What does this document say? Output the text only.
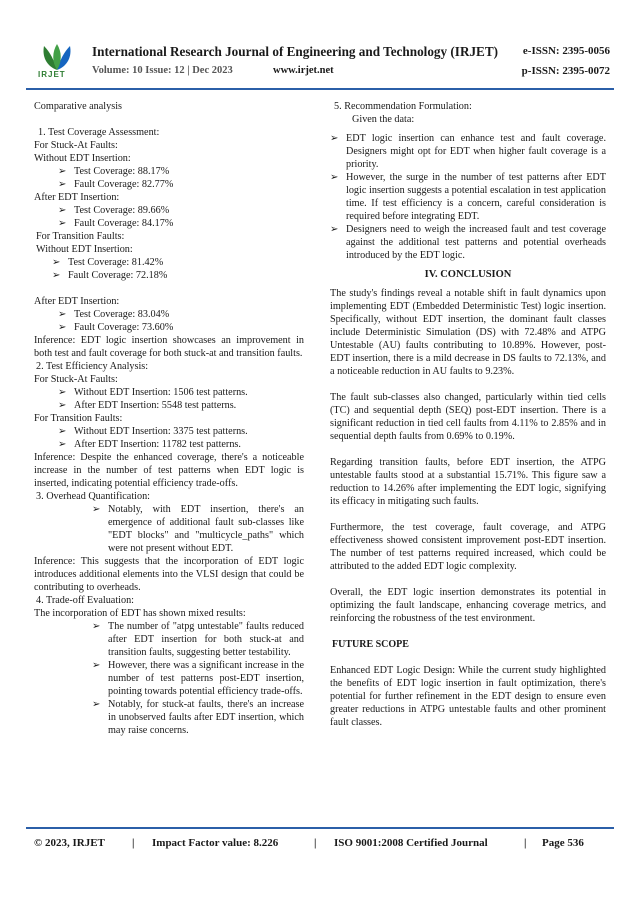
IRJET
International Research Journal of Engineering and Technology (IRJET) e-ISSN: 2395-0056
Volume: 10 Issue: 12 | Dec 2023	www.irjet.net	p-ISSN: 2395-0072
Comparative analysis
1. Test Coverage Assessment:
For Stuck-At Faults:
Without EDT Insertion:
➢ Test Coverage: 88.17%
➢ Fault Coverage: 82.77%
After EDT Insertion:
➢ Test Coverage: 89.66%
➢ Fault Coverage: 84.17%
For Transition Faults:
Without EDT Insertion:
➢ Test Coverage: 81.42%
➢ Fault Coverage: 72.18%
After EDT Insertion:
➢ Test Coverage: 83.04%
➢ Fault Coverage: 73.60%
Inference: EDT logic insertion showcases an improvement in both test and fault coverage for both stuck-at and transition faults.
2. Test Efficiency Analysis:
For Stuck-At Faults:
➢ Without EDT Insertion: 1506 test patterns.
➢ After EDT Insertion: 5548 test patterns.
For Transition Faults:
➢ Without EDT Insertion: 3375 test patterns.
➢ After EDT Insertion: 11782 test patterns.
Inference: Despite the enhanced coverage, there's a noticeable increase in the number of test patterns when EDT logic is inserted, indicating potential efficiency trade-offs.
3. Overhead Quantification:
➢ Notably, with EDT insertion, there's an emergence of additional fault sub-classes like "EDT blocks" and "multicycle_paths" which were not present without EDT.
Inference: This suggests that the incorporation of EDT logic introduces additional elements into the VLSI design that could be contributing to overheads.
4. Trade-off Evaluation:
The incorporation of EDT has shown mixed results:
➢ The number of "atpg untestable" faults reduced after EDT insertion for both stuck-at and transition faults, suggesting better testability.
➢ However, there was a significant increase in the number of test patterns post-EDT insertion, pointing towards potential efficiency trade-offs.
➢ Notably, for stuck-at faults, there's an increase in unobserved faults after EDT insertion, which may raise concerns.
5. Recommendation Formulation:
Given the data:
➢ EDT logic insertion can enhance test and fault coverage. Designers might opt for EDT when higher fault coverage is a priority.
➢ However, the surge in the number of test patterns after EDT logic insertion suggests a potential escalation in test application time. If test efficiency is a concern, careful consideration is required before integrating EDT.
➢ Designers need to weigh the increased fault and test coverage against the additional test patterns and potential overheads introduced by the EDT logic.
IV. CONCLUSION
The study's findings reveal a notable shift in fault dynamics upon implementing EDT (Embedded Deterministic Test) logic insertion. Specifically, without EDT insertion, the dominant fault classes include Deterministic Simulation (DS) with 72.48% and ATPG Untestable (AU) faults contributing to 10.89%. However, post-EDT insertion, there is a mild decrease in DS faults to 72.13%, and a noticeable reduction in AU faults to 9.23%.
The fault sub-classes also changed, particularly within tied cells (TC) and sequential depth (SEQ) post-EDT insertion. There is a significant reduction in tied cell faults from 4.11% to 2.85% and in sequential depth faults from 0.69% to 0.19%.
Regarding transition faults, before EDT insertion, the ATPG untestable faults stood at a substantial 15.71%. This figure saw a reduction to 14.26% after implementing the EDT logic, signifying its efficacy in mitigating such faults.
Furthermore, the test coverage, fault coverage, and ATPG effectiveness showed consistent improvement post-EDT insertion. The number of test patterns required increased, which could be attributed to the added EDT logic complexity.
Overall, the EDT logic insertion demonstrates its potential in optimizing the fault landscape, enhancing coverage metrics, and reinforcing the robustness of the test environment.
FUTURE SCOPE
Enhanced EDT Logic Design: While the current study highlighted the benefits of EDT logic insertion in fault optimization, there's potential for further refinement in the EDT design to ensure even greater reductions in ATPG untestable faults and other prominent fault classes.
© 2023, IRJET | Impact Factor value: 8.226	| ISO 9001:2008 Certified Journal	| Page 536
